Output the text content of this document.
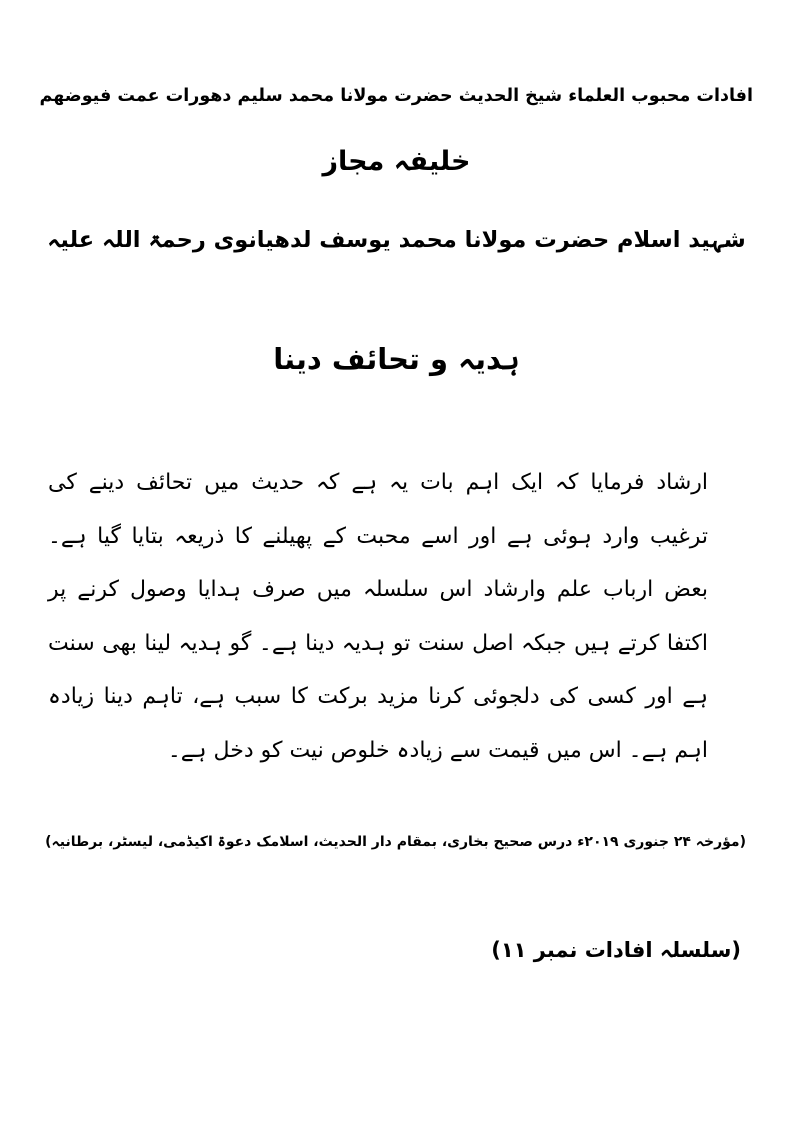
افادات محبوب العلماء شیخ الحدیث حضرت مولانا محمد سلیم دھورات عمت فیوضھم
خلیفہ مجاز
شہید اسلام حضرت مولانا محمد یوسف لدھیانوی رحمۃ اللہ علیہ
ہدیہ و تحائف دینا

ارشاد فرمایا کہ ایک اہم بات یہ ہے کہ حدیث میں تحائف دینے کی ترغیب وارد ہوئی ہے اور اسے محبت کے پھیلنے کا ذریعہ بتایا گیا ہے۔ بعض ارباب علم وارشاد اس سلسلہ میں صرف ہدایا وصول کرنے پر اکتفا کرتے ہیں جبکہ اصل سنت تو ہدیہ دینا ہے۔ گو ہدیہ لینا بھی سنت ہے اور کسی کی دلجوئی کرنا مزید برکت کا سبب ہے، تاہم دینا زیادہ اہم ہے۔ اس میں قیمت سے زیادہ خلوص نیت کو دخل ہے۔

(مؤرخہ ۲۴ جنوری ۲۰۱۹ء درس صحیح بخاری، بمقام دار الحدیث، اسلامک دعوۃ اکیڈمی، لیسٹر، برطانیہ)
(سلسلہ افادات نمبر ۱۱)
